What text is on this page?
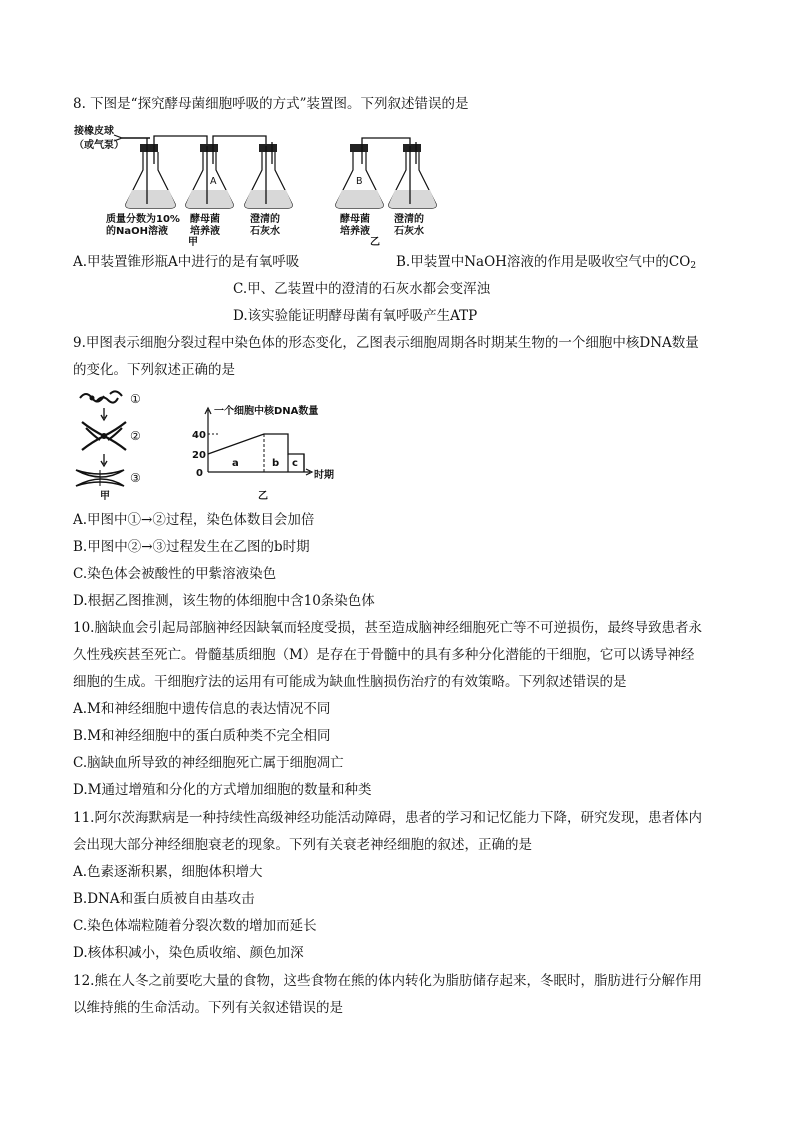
8. 下图是“探究酵母菌细胞呼吸的方式”装置图。下列叙述错误的是
接橡皮球
（或气泵）
A	B
质量分数为10%
的NaOH溶液
酵母菌
培养液
甲
澄清的
石灰水
酵母菌
培养液
乙
澄清的
石灰水
A.甲装置锥形瓶A中进行的是有氧呼吸	B.甲装置中NaOH溶液的作用是吸收空气中的$CO_2$
C.甲、乙装置中的澄清的石灰水都会变浑浊
D.该实验能证明酵母菌有氧呼吸产生ATP
9.甲图表示细胞分裂过程中染色体的形态变化，乙图表示细胞周期各时期某生物的一个细胞中核DNA数量
的变化。下列叙述正确的是
①
②
③
甲
一个细胞中核DNA数量
40
20
0
a	b c
时期
乙
A.甲图中①→②过程，染色体数目会加倍
B.甲图中②→③过程发生在乙图的b时期
C.染色体会被酸性的甲紫溶液染色
D.根据乙图推测，该生物的体细胞中含10条染色体
10.脑缺血会引起局部脑神经因缺氧而轻度受损，甚至造成脑神经细胞死亡等不可逆损伤，最终导致患者永
久性残疾甚至死亡。骨髓基质细胞（M）是存在于骨髓中的具有多种分化潜能的干细胞，它可以诱导神经
细胞的生成。干细胞疗法的运用有可能成为缺血性脑损伤治疗的有效策略。下列叙述错误的是
A.M和神经细胞中遗传信息的表达情况不同
B.M和神经细胞中的蛋白质种类不完全相同
C.脑缺血所导致的神经细胞死亡属于细胞凋亡
D.M通过增殖和分化的方式增加细胞的数量和种类
11.阿尔茨海默病是一种持续性高级神经功能活动障碍，患者的学习和记忆能力下降，研究发现，患者体内
会出现大部分神经细胞衰老的现象。下列有关衰老神经细胞的叙述，正确的是
A.色素逐渐积累，细胞体积增大
B.DNA和蛋白质被自由基攻击
C.染色体端粒随着分裂次数的增加而延长
D.核体积减小，染色质收缩、颜色加深
12.熊在人冬之前要吃大量的食物，这些食物在熊的体内转化为脂肪储存起来，冬眠时，脂肪进行分解作用
以维持熊的生命活动。下列有关叙述错误的是
